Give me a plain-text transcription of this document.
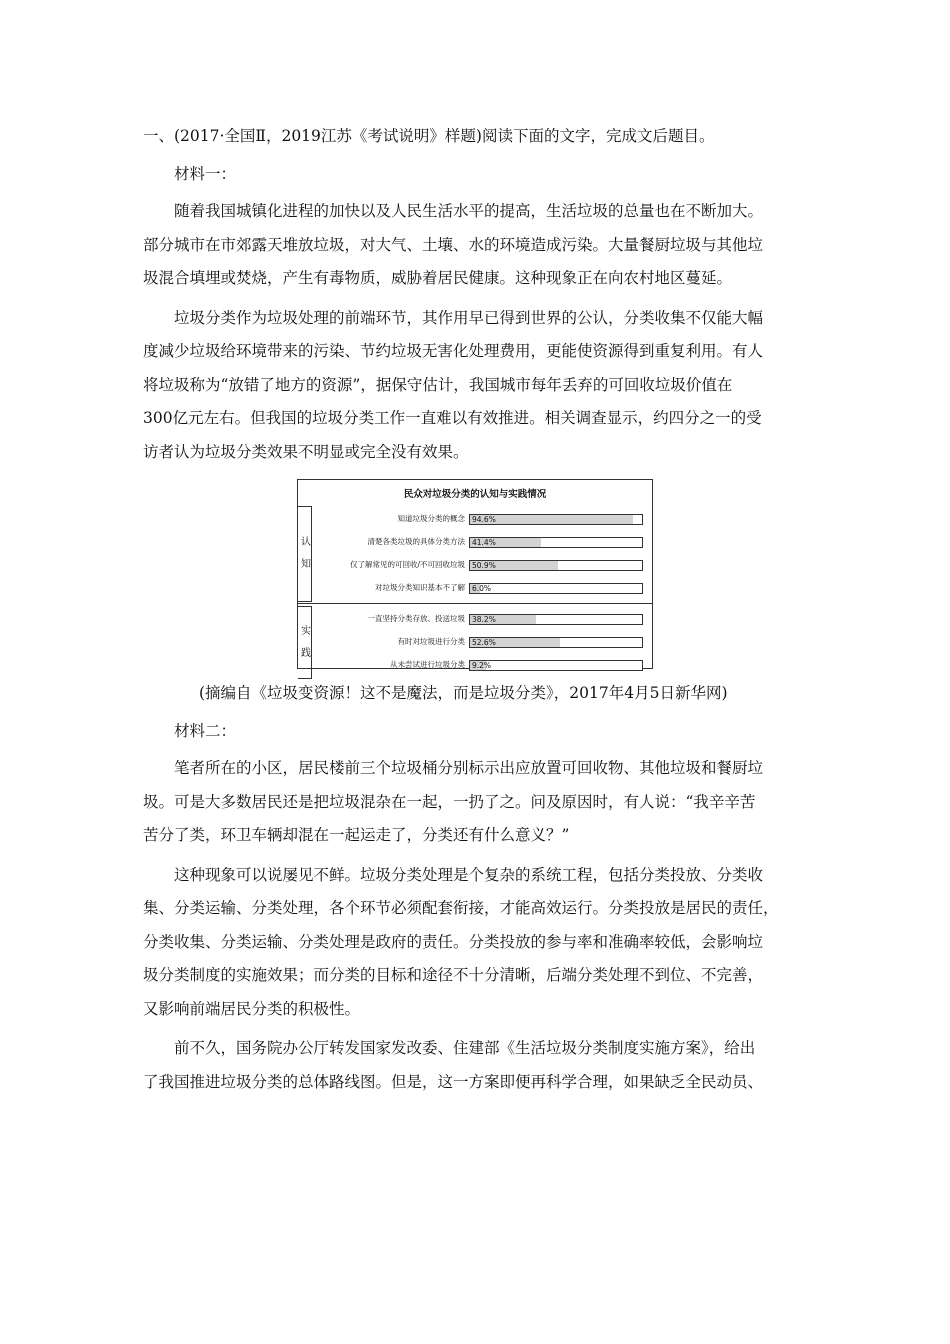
一、(2017·全国Ⅱ，2019江苏《考试说明》样题)阅读下面的文字，完成文后题目。

材料一：

随着我国城镇化进程的加快以及人民生活水平的提高，生活垃圾的总量也在不断加大。

部分城市在市郊露天堆放垃圾，对大气、土壤、水的环境造成污染。大量餐厨垃圾与其他垃

圾混合填埋或焚烧，产生有毒物质，威胁着居民健康。这种现象正在向农村地区蔓延。

垃圾分类作为垃圾处理的前端环节，其作用早已得到世界的公认，分类收集不仅能大幅

度减少垃圾给环境带来的污染、节约垃圾无害化处理费用，更能使资源得到重复利用。有人

将垃圾称为“放错了地方的资源”，据保守估计，我国城市每年丢弃的可回收垃圾价值在

300亿元左右。但我国的垃圾分类工作一直难以有效推进。相关调查显示，约四分之一的受

访者认为垃圾分类效果不明显或完全没有效果。

民众对垃圾分类的认知与实践情况
认
知
知道垃圾分类的概念 94.6%
清楚各类垃圾的具体分类方法 41.4%
仅了解常见的可回收/不可回收垃圾 50.9%
对垃圾分类知识基本不了解 6.0%
实
践
一直坚持分类存放、投送垃圾 38.2%
有时对垃圾进行分类 52.6%
从未尝试进行垃圾分类 9.2%

(摘编自《垃圾变资源！这不是魔法，而是垃圾分类》，2017年4月5日新华网)

材料二：

笔者所在的小区，居民楼前三个垃圾桶分别标示出应放置可回收物、其他垃圾和餐厨垃

圾。可是大多数居民还是把垃圾混杂在一起，一扔了之。问及原因时，有人说：“我辛辛苦

苦分了类，环卫车辆却混在一起运走了，分类还有什么意义？”

这种现象可以说屡见不鲜。垃圾分类处理是个复杂的系统工程，包括分类投放、分类收

集、分类运输、分类处理，各个环节必须配套衔接，才能高效运行。分类投放是居民的责任，

分类收集、分类运输、分类处理是政府的责任。分类投放的参与率和准确率较低，会影响垃

圾分类制度的实施效果；而分类的目标和途径不十分清晰，后端分类处理不到位、不完善，

又影响前端居民分类的积极性。

前不久，国务院办公厅转发国家发改委、住建部《生活垃圾分类制度实施方案》，给出

了我国推进垃圾分类的总体路线图。但是，这一方案即便再科学合理，如果缺乏全民动员、
